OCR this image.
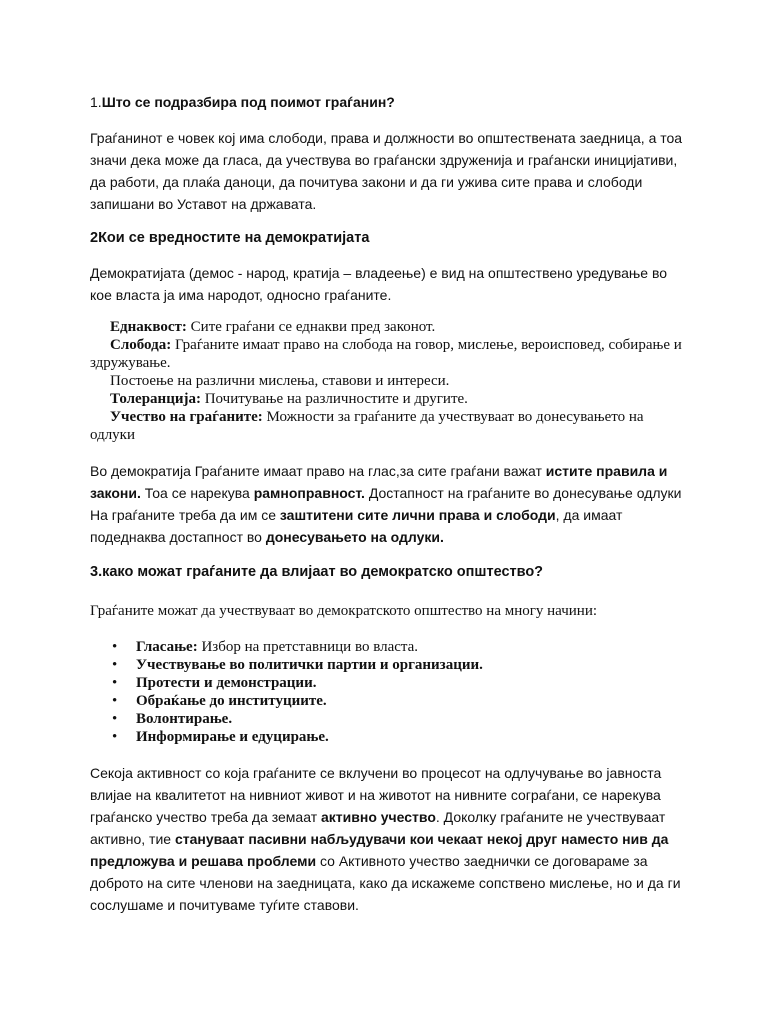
1.Што се подразбира под поимот граѓанин?

Граѓанинот е човек кој има слободи, права и должности во општествената заедница, а тоа значи дека може да гласа, да учествува во граѓански здруженија и граѓански иницијативи, да работи, да плаќа даноци, да почитува закони и да ги ужива сите права и слободи запишани во Уставот на државата.

2Кои се вредностите на демократијата

Демократијата (демос - народ, кратија – владеење) е вид на општествено уредување во кое власта ја има народот, односно граѓаните.

Еднаквост: Сите граѓани се еднакви пред законот.
Слобода: Граѓаните имаат право на слобода на говор, мислење, вероисповед, собирање и здружување.
Постоење на различни мислења, ставови и интереси.
Толеранција: Почитување на различностите и другите.
Учество на граѓаните: Можности за граѓаните да учествуваат во донесувањето на одлуки

Во демократија Граѓаните имаат право на глас,за сите граѓани важат истите правила и закони. Тоа се нарекува рамноправност. Достапност на граѓаните во донесување одлуки На граѓаните треба да им се заштитени сите лични права и слободи, да имаат подеднаква достапност во донесувањето на одлуки.

3.како можат граѓаните да влијаат во демократско општество?

Граѓаните можат да учествуваат во демократското општество на многу начини:

• Гласање: Избор на претставници во власта.
• Учествување во политички партии и организации.
• Протести и демонстрации.
• Обраќање до институциите.
• Волонтирање.
• Информирање и едуцирање.

Секоја активност со која граѓаните се вклучени во процесот на одлучување во јавноста влијае на квалитетот на нивниот живот и на животот на нивните сограѓани, се нарекува граѓанско учество треба да земаат активно учество. Доколку граѓаните не учествуваат активно, тие стануваат пасивни набљудувачи кои чекаат некој друг наместо нив да предложува и решава проблеми со Активното учество заеднички се договараме за доброто на сите членови на заедницата, како да искажеме сопствено мислење, но и да ги сослушаме и почитуваме туѓите ставови.
